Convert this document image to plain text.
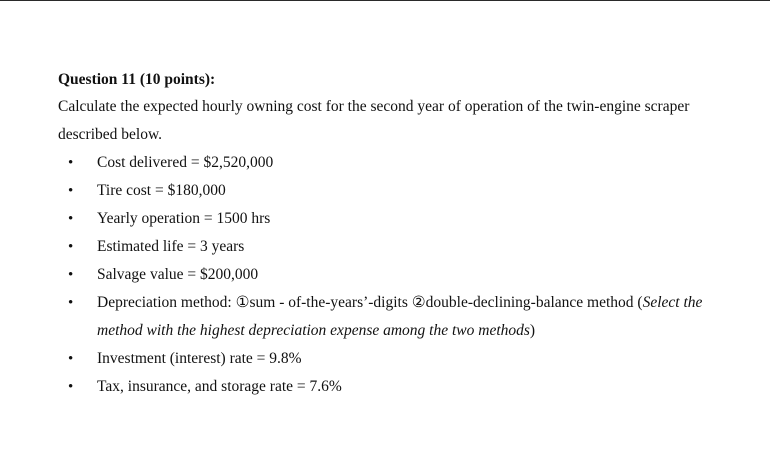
Question 11 (10 points):

Calculate the expected hourly owning cost for the second year of operation of the twin-engine scraper
described below.

• Cost delivered = $2,520,000
• Tire cost = $180,000
• Yearly operation = 1500 hrs
• Estimated life = 3 years
• Salvage value = $200,000
• Depreciation method: ①sum - of-the-years’-digits ②double-declining-balance method (Select the method with the highest depreciation expense among the two methods)
• Investment (interest) rate = 9.8%
• Tax, insurance, and storage rate = 7.6%
